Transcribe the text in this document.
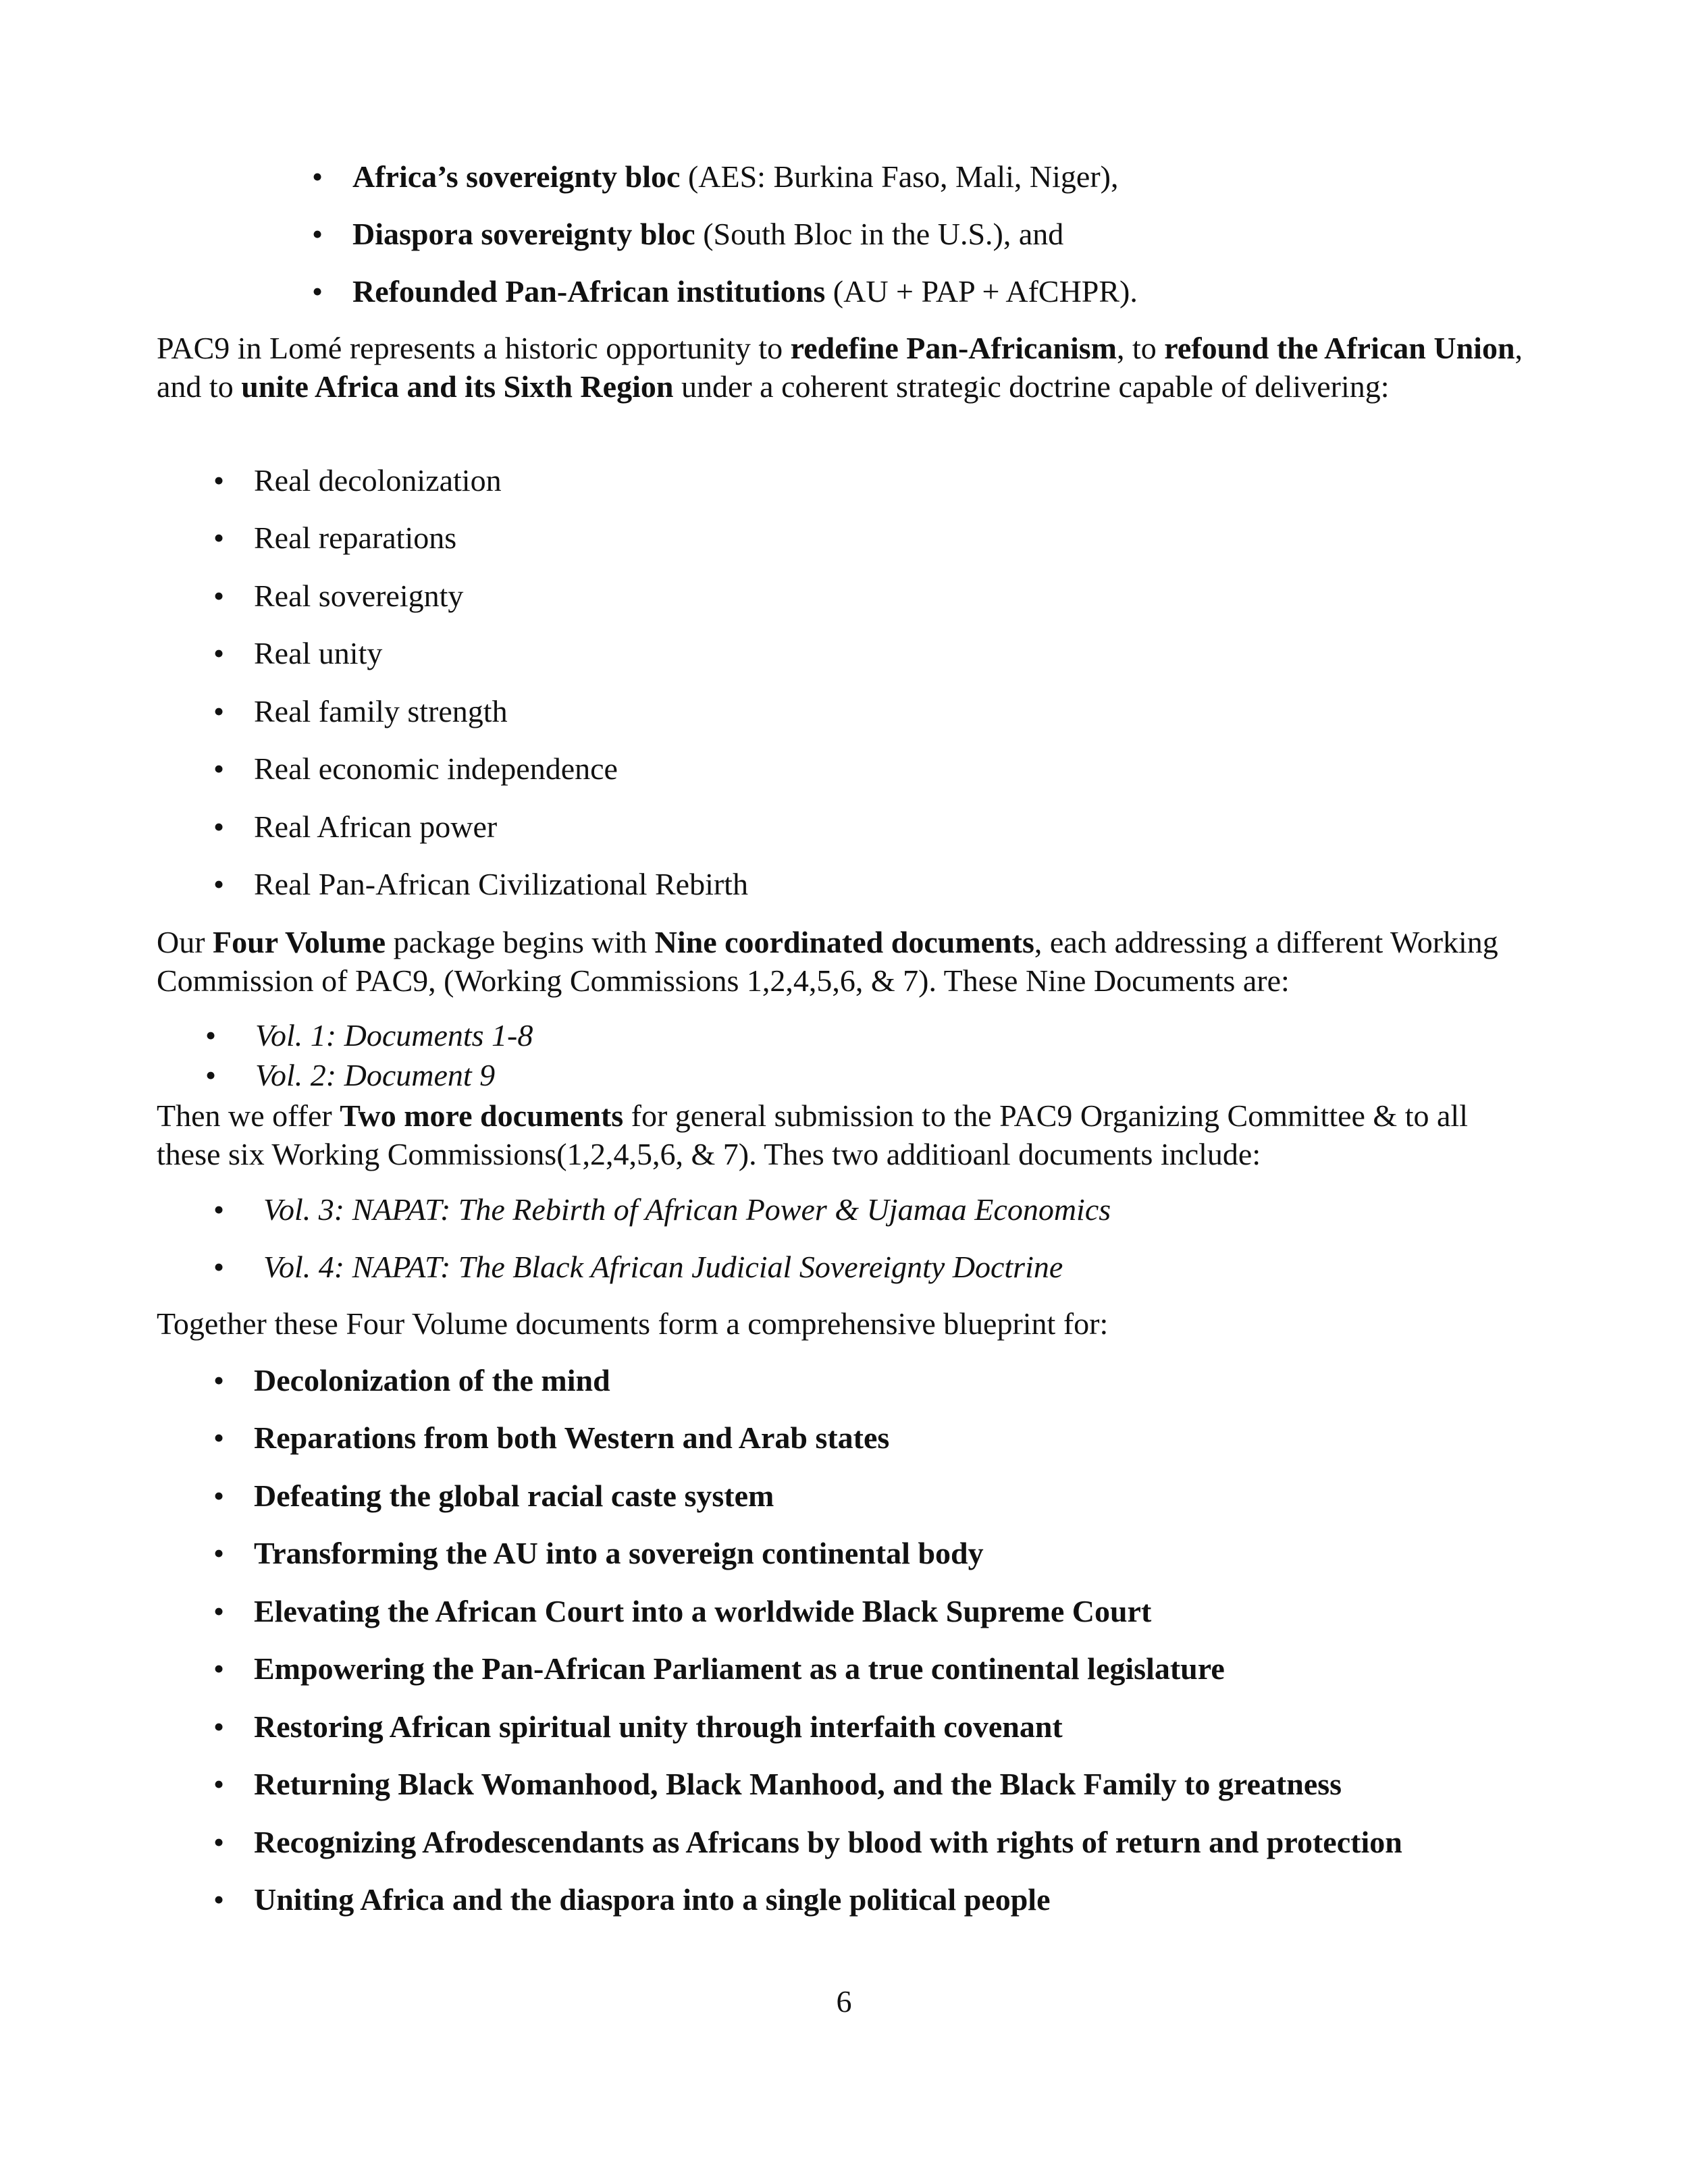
• Africa’s sovereignty bloc (AES: Burkina Faso, Mali, Niger),
• Diaspora sovereignty bloc (South Bloc in the U.S.), and
• Refounded Pan-African institutions (AU + PAP + AfCHPR).
PAC9 in Lomé represents a historic opportunity to redefine Pan-Africanism, to refound the African Union, and to unite Africa and its Sixth Region under a coherent strategic doctrine capable of delivering:
• Real decolonization
• Real reparations
• Real sovereignty
• Real unity
• Real family strength
• Real economic independence
• Real African power
• Real Pan-African Civilizational Rebirth
Our Four Volume package begins with Nine coordinated documents, each addressing a different Working Commission of PAC9, (Working Commissions 1,2,4,5,6, & 7). These Nine Documents are:
• Vol. 1: Documents 1-8
• Vol. 2: Document 9
Then we offer Two more documents for general submission to the PAC9 Organizing Committee & to all these six Working Commissions(1,2,4,5,6, & 7). Thes two additioanl documents include:
• Vol. 3: NAPAT: The Rebirth of African Power & Ujamaa Economics
• Vol. 4: NAPAT: The Black African Judicial Sovereignty Doctrine
Together these Four Volume documents form a comprehensive blueprint for:
• Decolonization of the mind
• Reparations from both Western and Arab states
• Defeating the global racial caste system
• Transforming the AU into a sovereign continental body
• Elevating the African Court into a worldwide Black Supreme Court
• Empowering the Pan-African Parliament as a true continental legislature
• Restoring African spiritual unity through interfaith covenant
• Returning Black Womanhood, Black Manhood, and the Black Family to greatness
• Recognizing Afrodescendants as Africans by blood with rights of return and protection
• Uniting Africa and the diaspora into a single political people
6
